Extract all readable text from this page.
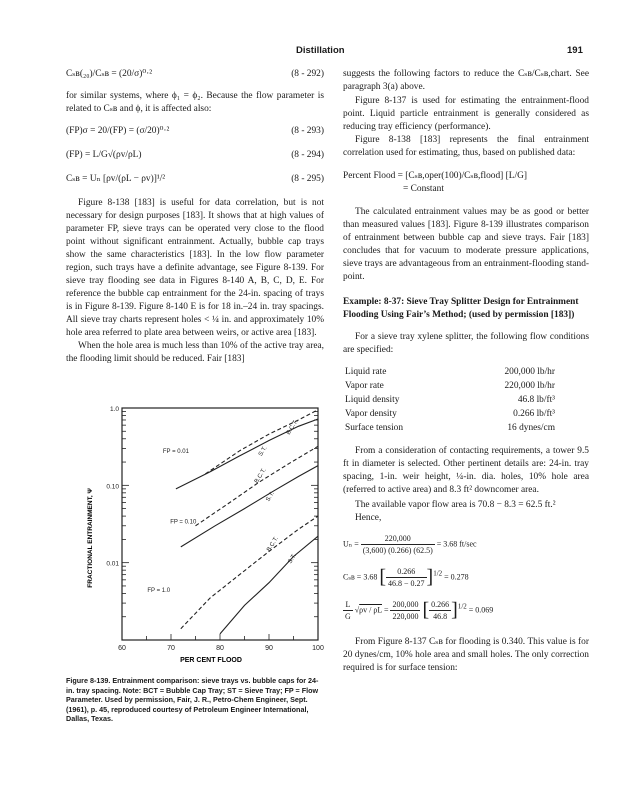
Distillation	191
Cₛʙ(₂₀)/Cₛʙ = (20/σ)⁰·²	(8 - 292)

for similar systems, where ϕ₁ = ϕ₂. Because the flow parameter is related to Cₛʙ and ϕ, it is affected also:

(FP)σ = 20/(FP) = (σ/20)⁰·²	(8 - 293)
(FP) = L/G√(ρv/ρL)	(8 - 294)
Cₛʙ = Uₙ [ρv/(ρL − ρv)]¹/²	(8 - 295)

Figure 8-138 [183] is useful for data correlation, but is not necessary for design purposes [183]. It shows that at high values of parameter FP, sieve trays can be operated very close to the flood point without significant entrainment. Actually, bubble cap trays show the same characteristics [183]. In the low flow parameter region, such trays have a definite advantage, see Figure 8-139. For sieve tray flooding see data in Figures 8-140 A, B, C, D, E. For reference the bubble cap entrainment for the 24-in. spacing of trays is in Figure 8-139. Figure 8-140 E is for 18 in.–24 in. tray spacings. All sieve tray charts represent holes < ¼ in. and approximately 10% hole area referred to plate area between weirs, or active area [183].

When the hole area is much less than 10% of the active tray area, the flooding limit should be reduced. Fair [183]

60	70	80	90	100
1.0
0.10
0.01
FP = 0.01
FP = 0.10
FP = 1.0
B.C.T.
S.T.
B.C.T.
S.T.
B.C.T.
S.T.
FRACTIONAL ENTRAINMENT, Ψ
PER CENT FLOOD
Figure 8-139. Entrainment comparison: sieve trays vs. bubble caps for 24-in. tray spacing. Note: BCT = Bubble Cap Tray; ST = Sieve Tray; FP = Flow Parameter. Used by permission, Fair, J. R., Petro-Chem Engineer, Sept. (1961), p. 45, reproduced courtesy of Petroleum Engineer International, Dallas, Texas.

suggests the following factors to reduce the Cₛʙ/Cₛʙ,chart. See paragraph 3(a) above.

Figure 8-137 is used for estimating the entrainment-flood point. Liquid particle entrainment is generally considered as reducing tray efficiency (performance).

Figure 8-138 [183] represents the final entrainment correlation used for estimating, thus, based on published data:

Percent Flood = [Cₛʙ,oper(100)/Cₛʙ,flood] [L/G]
= Constant

The calculated entrainment values may be as good or better than measured values [183]. Figure 8-139 illustrates comparison of entrainment between bubble cap and sieve trays. Fair [183] concludes that for vacuum to moderate pressure applications, sieve trays are advantageous from an entrainment-flooding stand-point.

Example: 8-37: Sieve Tray Splitter Design for Entrainment Flooding Using Fair’s Method; (used by permission [183])

For a sieve tray xylene splitter, the following flow conditions are specified:

Liquid rate	200,000 lb/hr
Vapor rate	220,000 lb/hr
Liquid density	46.8 lb/ft³
Vapor density	0.266 lb/ft³
Surface tension	16 dynes/cm

From a consideration of contacting requirements, a tower 9.5 ft in diameter is selected. Other pertinent details are: 24-in. tray spacing, 1-in. weir height, ¼-in. dia. holes, 10% hole area (referred to active area) and 8.3 ft² downcomer area.

The available vapor flow area is 70.8 − 8.3 = 62.5 ft.²

Hence,

$U_n = \frac{220,000}{(3,600) (0.266) (62.5)} = 3.68$ ft/sec
Cₛʙ = 3.68 [ $\frac{0.266}{46.8 - 0.27} ]^{1/2} = 0.278$
$\frac{L}{G} √\rho v / \rho L = \frac{200,000}{220,000}$ [ $\frac{0.266}{46.8} ]^{1/2} = 0.069$

From Figure 8-137 Cₛʙ for flooding is 0.340. This value is for 20 dynes/cm, 10% hole area and small holes. The only correction required is for surface tension:
